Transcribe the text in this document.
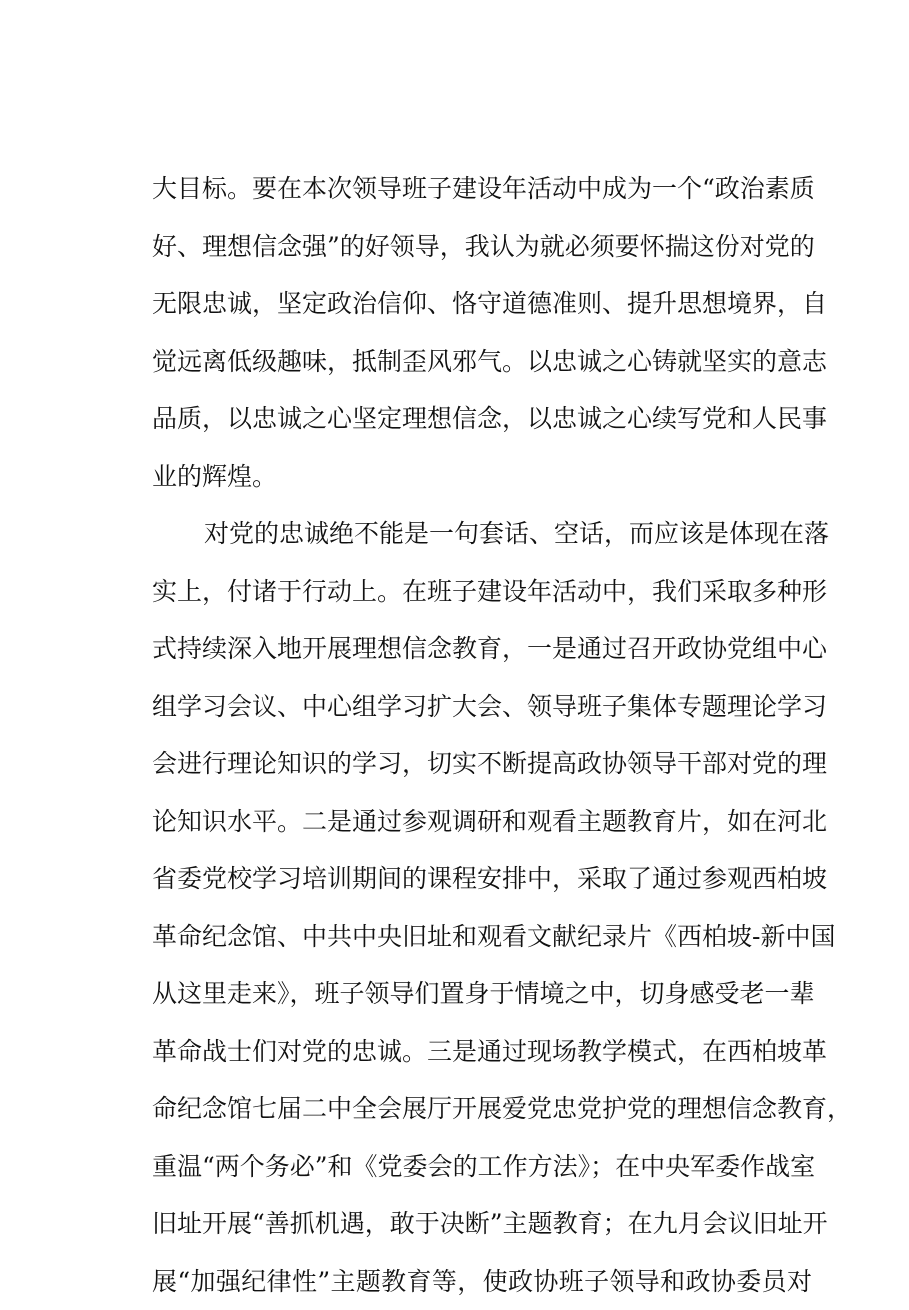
大目标。要在本次领导班子建设年活动中成为一个“政治素质
好、理想信念强”的好领导，我认为就必须要怀揣这份对党的
无限忠诚，坚定政治信仰、恪守道德准则、提升思想境界，自
觉远离低级趣味，抵制歪风邪气。以忠诚之心铸就坚实的意志
品质，以忠诚之心坚定理想信念，以忠诚之心续写党和人民事
业的辉煌。
对党的忠诚绝不能是一句套话、空话，而应该是体现在落
实上，付诸于行动上。在班子建设年活动中，我们采取多种形
式持续深入地开展理想信念教育，一是通过召开政协党组中心
组学习会议、中心组学习扩大会、领导班子集体专题理论学习
会进行理论知识的学习，切实不断提高政协领导干部对党的理
论知识水平。二是通过参观调研和观看主题教育片，如在河北
省委党校学习培训期间的课程安排中，采取了通过参观西柏坡
革命纪念馆、中共中央旧址和观看文献纪录片《西柏坡-新中国
从这里走来》，班子领导们置身于情境之中，切身感受老一辈
革命战士们对党的忠诚。三是通过现场教学模式，在西柏坡革
命纪念馆七届二中全会展厅开展爱党忠党护党的理想信念教育，
重温“两个务必”和《党委会的工作方法》；在中央军委作战室
旧址开展“善抓机遇，敢于决断”主题教育；在九月会议旧址开
展“加强纪律性”主题教育等，使政协班子领导和政协委员对
